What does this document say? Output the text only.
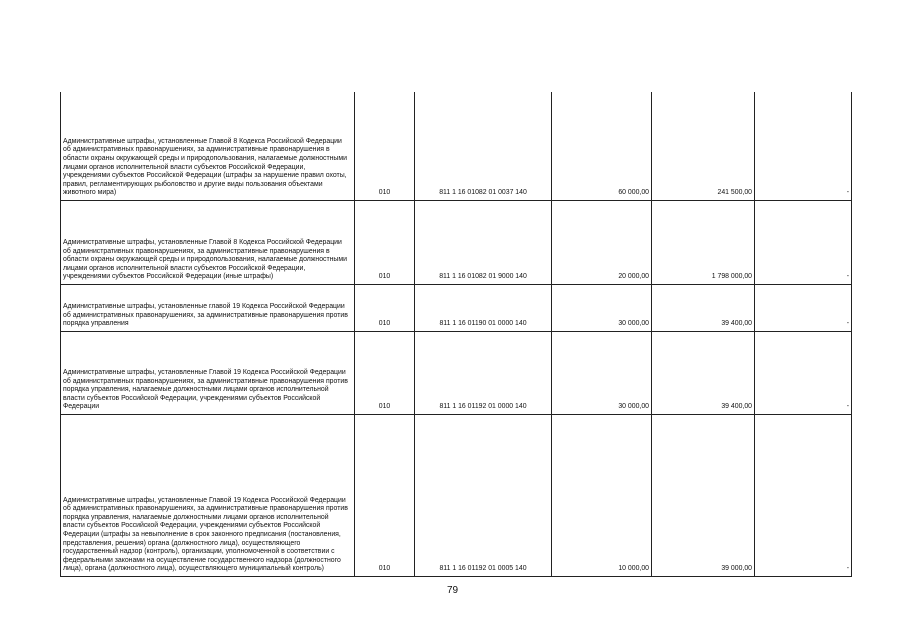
Административные штрафы, установленные Главой 8 Кодекса Российской Федерации об административных правонарушениях, за административные правонарушения в области охраны окружающей среды и природопользования, налагаемые должностными лицами органов исполнительной власти субъектов Российской Федерации, учреждениями субъектов Российской Федерации (штрафы за нарушение правил охоты, правил, регламентирующих рыболовство и другие виды пользования объектами животного мира)	010	811 1 16 01082 01 0037 140	60 000,00	241 500,00	-
Административные штрафы, установленные Главой 8 Кодекса Российской Федерации об административных правонарушениях, за административные правонарушения в области охраны окружающей среды и природопользования, налагаемые должностными лицами органов исполнительной власти субъектов Российской Федерации, учреждениями субъектов Российской Федерации (иные штрафы)	010	811 1 16 01082 01 9000 140	20 000,00	1 798 000,00	-
Административные штрафы, установленные главой 19 Кодекса Российской Федерации об административных правонарушениях, за административные правонарушения против порядка управления	010	811 1 16 01190 01 0000 140	30 000,00	39 400,00	-
Административные штрафы, установленные Главой 19 Кодекса Российской Федерации об административных правонарушениях, за административные правонарушения против порядка управления, налагаемые должностными лицами органов исполнительной власти субъектов Российской Федерации, учреждениями субъектов Российской Федерации	010	811 1 16 01192 01 0000 140	30 000,00	39 400,00	-
Административные штрафы, установленные Главой 19 Кодекса Российской Федерации об административных правонарушениях, за административные правонарушения против порядка управления, налагаемые должностными лицами органов исполнительной власти субъектов Российской Федерации, учреждениями субъектов Российской Федерации (штрафы за невыполнение в срок законного предписания (постановления, представления, решения) органа (должностного лица), осуществляющего государственный надзор (контроль), организации, уполномоченной в соответствии с федеральными законами на осуществление государственного надзора (должностного лица), органа (должностного лица), осуществляющего муниципальный контроль)	010	811 1 16 01192 01 0005 140	10 000,00	39 000,00	-
79
